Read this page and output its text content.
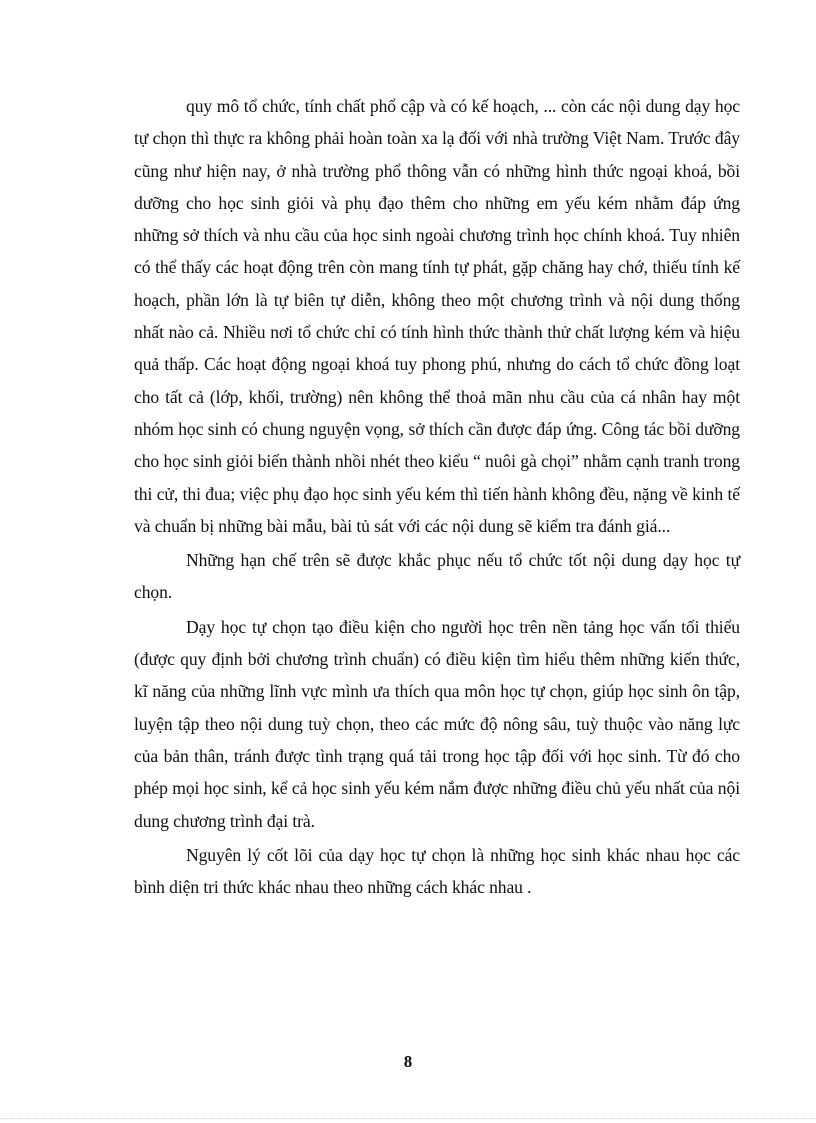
quy mô tổ chức, tính chất phổ cập và có kế hoạch, ... còn các nội dung dạy học tự chọn thì thực ra không phải hoàn toàn xa lạ đối với nhà trường Việt Nam. Trước đây cũng như hiện nay, ở nhà trường phổ thông vẫn có những hình thức ngoại khoá, bồi dưỡng cho học sinh giỏi và phụ đạo thêm cho những em yếu kém nhằm đáp ứng những sở thích và nhu cầu của học sinh ngoài chương trình học chính khoá. Tuy nhiên có thể thấy các hoạt động trên còn mang tính tự phát, gặp chăng hay chớ, thiếu tính kế hoạch, phần lớn là tự biên tự diễn, không theo một chương trình và nội dung thống nhất nào cả. Nhiều nơi tổ chức chỉ có tính hình thức thành thử chất lượng kém và hiệu quả thấp. Các hoạt động ngoại khoá tuy phong phú, nhưng do cách tổ chức đồng loạt cho tất cả (lớp, khối, trường) nên không thể thoả mãn nhu cầu của cá nhân hay một nhóm học sinh có chung nguyện vọng, sở thích cần được đáp ứng. Công tác bồi dưỡng cho học sinh giỏi biến thành nhồi nhét theo kiểu “ nuôi gà chọi” nhằm cạnh tranh trong thi cử, thi đua; việc phụ đạo học sinh yếu kém thì tiến hành không đều, nặng về kinh tế và chuẩn bị những bài mẫu, bài tủ sát với các nội dung sẽ kiểm tra đánh giá...

Những hạn chế trên sẽ được khắc phục nếu tổ chức tốt nội dung dạy học tự chọn.

Dạy học tự chọn tạo điều kiện cho người học trên nền tảng học vấn tối thiểu (được quy định bởi chương trình chuẩn) có điều kiện tìm hiểu thêm những kiến thức, kĩ năng của những lĩnh vực mình ưa thích qua môn học tự chọn, giúp học sinh ôn tập, luyện tập theo nội dung tuỳ chọn, theo các mức độ nông sâu, tuỳ thuộc vào năng lực của bản thân, tránh được tình trạng quá tải trong học tập đối với học sinh. Từ đó cho phép mọi học sinh, kể cả học sinh yếu kém nắm được những điều chủ yếu nhất của nội dung chương trình đại trà.

Nguyên lý cốt lõi của dạy học tự chọn là những học sinh khác nhau học các bình diện tri thức khác nhau theo những cách khác nhau .

8
